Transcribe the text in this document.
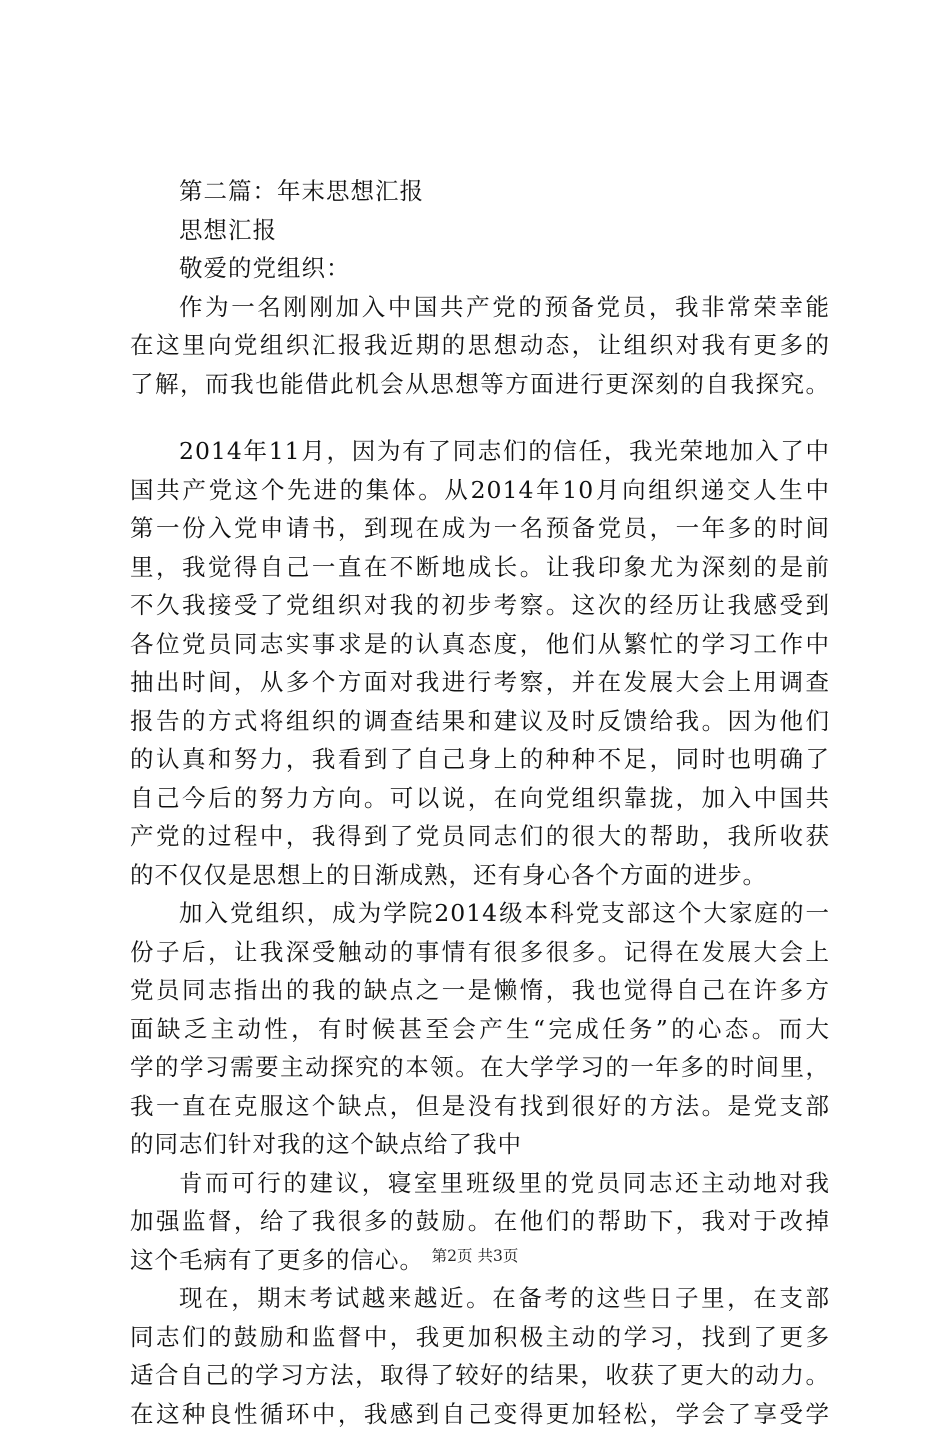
第二篇：年末思想汇报
思想汇报
敬爱的党组织：
作为一名刚刚加入中国共产党的预备党员，我非常荣幸能
在这里向党组织汇报我近期的思想动态，让组织对我有更多的
了解，而我也能借此机会从思想等方面进行更深刻的自我探究。
2014年11月，因为有了同志们的信任，我光荣地加入了中
国共产党这个先进的集体。从2014年10月向组织递交人生中
第一份入党申请书，到现在成为一名预备党员，一年多的时间
里，我觉得自己一直在不断地成长。让我印象尤为深刻的是前
不久我接受了党组织对我的初步考察。这次的经历让我感受到
各位党员同志实事求是的认真态度，他们从繁忙的学习工作中
抽出时间，从多个方面对我进行考察，并在发展大会上用调查
报告的方式将组织的调查结果和建议及时反馈给我。因为他们
的认真和努力，我看到了自己身上的种种不足，同时也明确了
自己今后的努力方向。可以说，在向党组织靠拢，加入中国共
产党的过程中，我得到了党员同志们的很大的帮助，我所收获
的不仅仅是思想上的日渐成熟，还有身心各个方面的进步。
加入党组织，成为学院2014级本科党支部这个大家庭的一
份子后，让我深受触动的事情有很多很多。记得在发展大会上
党员同志指出的我的缺点之一是懒惰，我也觉得自己在许多方
面缺乏主动性，有时候甚至会产生“完成任务”的心态。而大
学的学习需要主动探究的本领。在大学学习的一年多的时间里，
我一直在克服这个缺点，但是没有找到很好的方法。是党支部
的同志们针对我的这个缺点给了我中
肯而可行的建议，寝室里班级里的党员同志还主动地对我
加强监督，给了我很多的鼓励。在他们的帮助下，我对于改掉
这个毛病有了更多的信心。
现在，期末考试越来越近。在备考的这些日子里，在支部
同志们的鼓励和监督中，我更加积极主动的学习，找到了更多
适合自己的学习方法，取得了较好的结果，收获了更大的动力。
在这种良性循环中，我感到自己变得更加轻松，学会了享受学
第2页 共3页
